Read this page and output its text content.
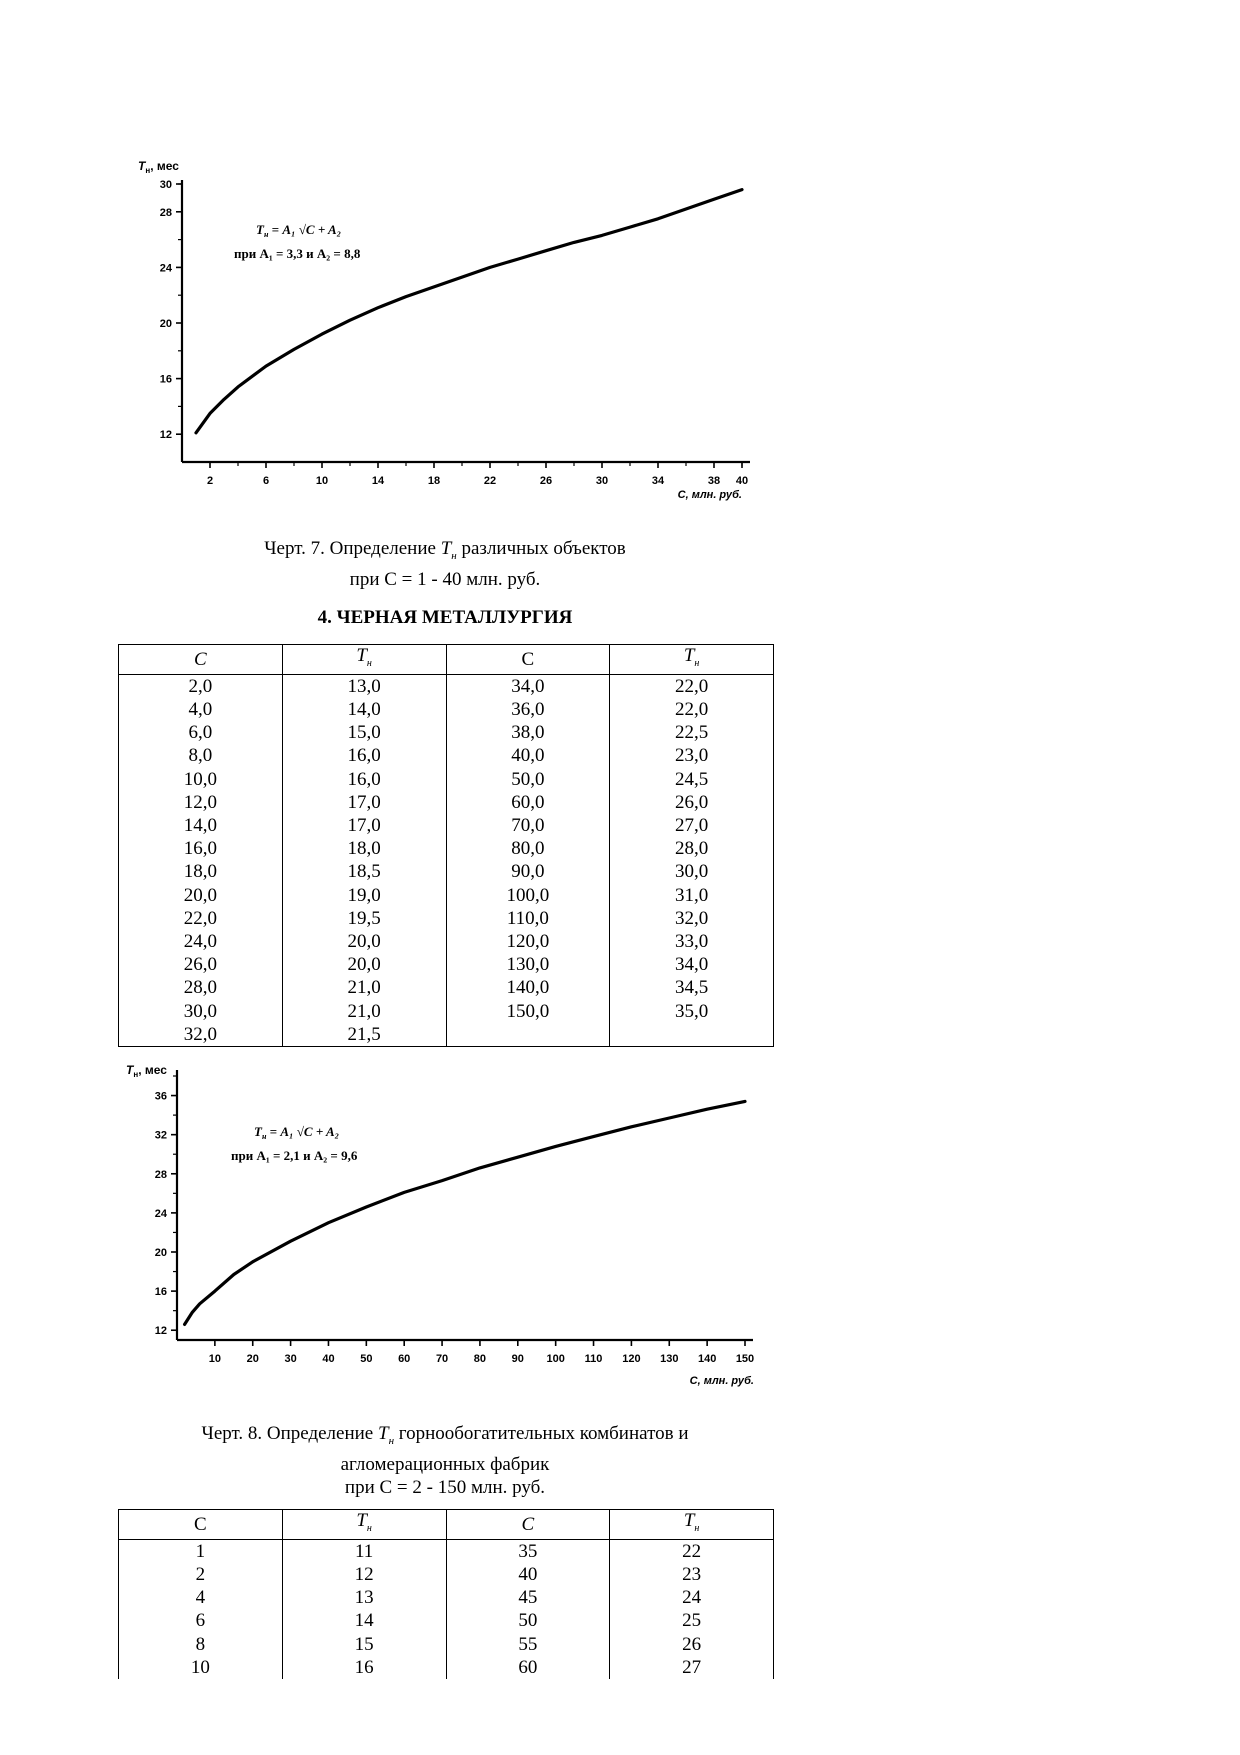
12
16
20
24
28
30
2	6	10	14	18	22	26	30	34	38 40
$T_н$, мес
С, млн. руб.
$T_н = A_1$ √C + A₂
при A₁ = 3,3 и A₂ = 8,8
Черт. 7. Определение $T_н$ различных объектов
при С = 1 - 40 млн. руб.
4. ЧЕРНАЯ МЕТАЛЛУРГИЯ
С	$T_н$	С	$T_н$
2,0	13,0	34,0	22,0
4,0	14,0	36,0	22,0
6,0	15,0	38,0	22,5
8,0	16,0	40,0	23,0
10,0	16,0	50,0	24,5
12,0	17,0	60,0	26,0
14,0	17,0	70,0	27,0
16,0	18,0	80,0	28,0
18,0	18,5	90,0	30,0
20,0	19,0	100,0	31,0
22,0	19,5	110,0	32,0
24,0	20,0	120,0	33,0
26,0	20,0	130,0	34,0
28,0	21,0	140,0	34,5
30,0	21,0	150,0	35,0
32,0	21,5		
12
16
20
24
28
32
36
10 20 30 40 50 60 70 80 90 100 110 120 130 140 150
$T_н$, мес
С, млн. руб.
$T_н = A_1$ √C + A₂
при A₁ = 2,1 и A₂ = 9,6
Черт. 8. Определение $T_н$ горнообогатительных комбинатов и
агломерационных фабрик
при С = 2 - 150 млн. руб.
С	$T_н$	С	$T_н$
1	11	35	22
2	12	40	23
4	13	45	24
6	14	50	25
8	15	55	26
10	16	60	27
